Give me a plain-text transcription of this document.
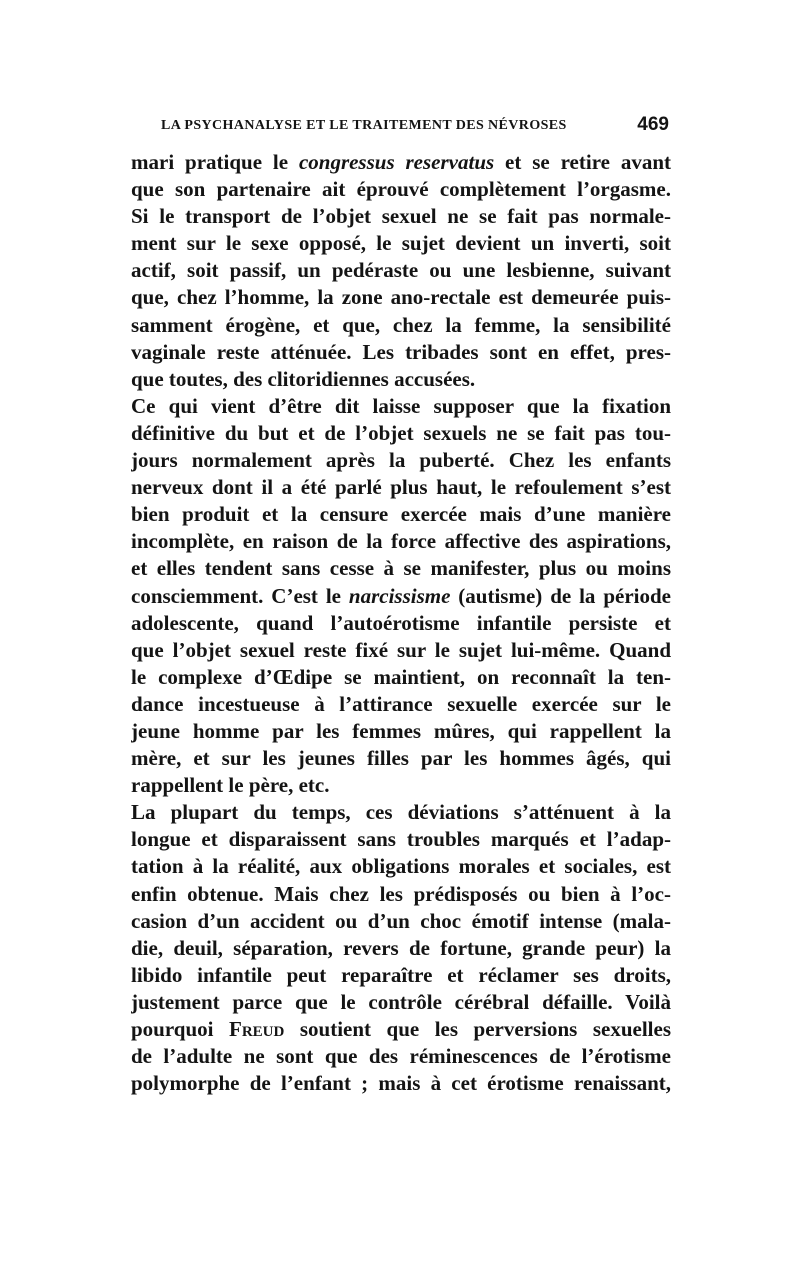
LA PSYCHANALYSE ET LE TRAITEMENT DES NÉVROSES	469
mari pratique le congressus reservatus et se retire avant
que son partenaire ait éprouvé complètement l’orgasme.
Si le transport de l’objet sexuel ne se fait pas normale-
ment sur le sexe opposé, le sujet devient un inverti, soit
actif, soit passif, un pedéraste ou une lesbienne, suivant
que, chez l’homme, la zone ano-rectale est demeurée puis-
samment érogène, et que, chez la femme, la sensibilité
vaginale reste atténuée. Les tribades sont en effet, pres-
que toutes, des clitoridiennes accusées.
Ce qui vient d’être dit laisse supposer que la fixation
définitive du but et de l’objet sexuels ne se fait pas tou-
jours normalement après la puberté. Chez les enfants
nerveux dont il a été parlé plus haut, le refoulement s’est
bien produit et la censure exercée mais d’une manière
incomplète, en raison de la force affective des aspirations,
et elles tendent sans cesse à se manifester, plus ou moins
consciemment. C’est le narcissisme (autisme) de la période
adolescente, quand l’autoérotisme infantile persiste et
que l’objet sexuel reste fixé sur le sujet lui-même. Quand
le complexe d’Œdipe se maintient, on reconnaît la ten-
dance incestueuse à l’attirance sexuelle exercée sur le
jeune homme par les femmes mûres, qui rappellent la
mère, et sur les jeunes filles par les hommes âgés, qui
rappellent le père, etc.
La plupart du temps, ces déviations s’atténuent à la
longue et disparaissent sans troubles marqués et l’adap-
tation à la réalité, aux obligations morales et sociales, est
enfin obtenue. Mais chez les prédisposés ou bien à l’oc-
casion d’un accident ou d’un choc émotif intense (mala-
die, deuil, séparation, revers de fortune, grande peur) la
libido infantile peut reparaître et réclamer ses droits,
justement parce que le contrôle cérébral défaille. Voilà
pourquoi Freud soutient que les perversions sexuelles
de l’adulte ne sont que des réminescences de l’érotisme
polymorphe de l’enfant ; mais à cet érotisme renaissant,
